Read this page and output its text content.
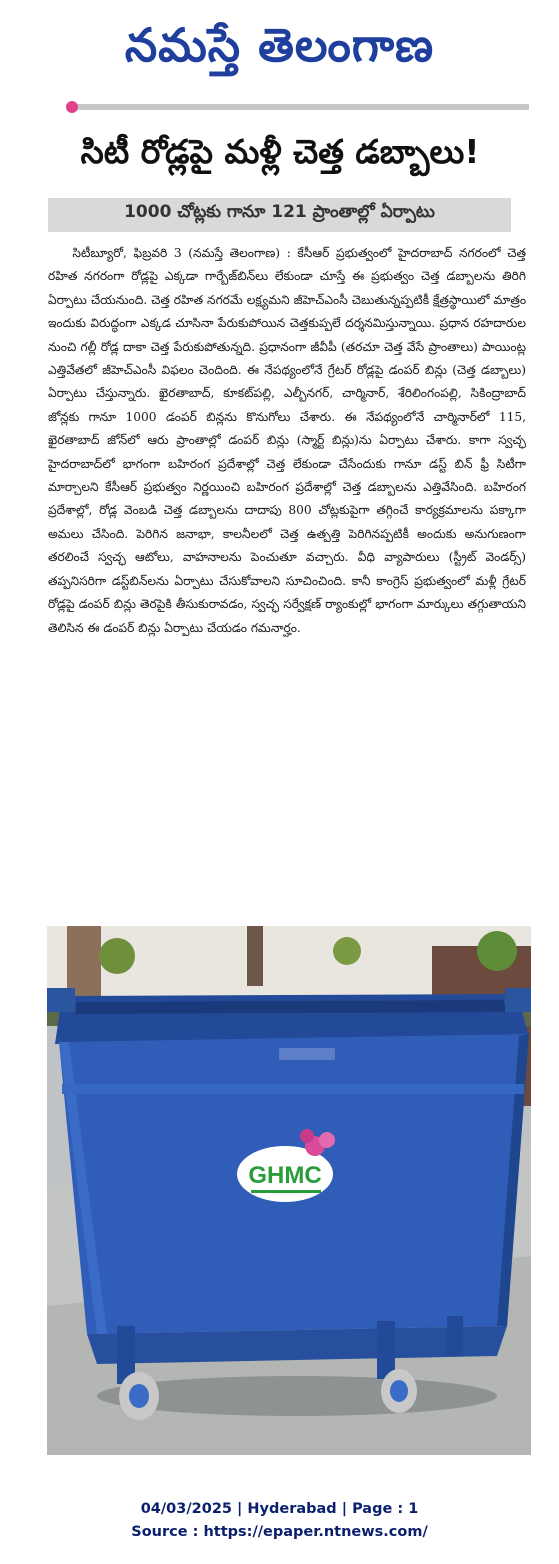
నమస్తే తెలంగాణ
సిటీ రోడ్లపై మళ్లీ చెత్త డబ్బాలు!
1000 చోట్లకు గానూ 121 ప్రాంతాల్లో ఏర్పాటు

సిటీబ్యూరో, ఫిబ్రవరి 3 (నమస్తే తెలంగాణ) : కేసీఆర్ ప్రభుత్వంలో హైదరాబాద్ నగరంలో చెత్త రహిత నగరంగా రోడ్లపై ఎక్కడా గార్బేజ్‌బిన్‌లు లేకుండా చూస్తే ఈ ప్రభుత్వం చెత్త డబ్బాలను తిరిగి ఏర్పాటు చేయనుంది. చెత్త రహిత నగరమే లక్ష్యమని జీహెచ్ఎంసీ చెబుతున్నప్పటికీ క్షేత్రస్థాయిలో మాత్రం ఇందుకు విరుద్ధంగా ఎక్కడ చూసినా పేరుకుపోయిన చెత్తకుప్పలే దర్శనమిస్తున్నాయి. ప్రధాన రహదారుల నుంచి గల్లీ రోడ్ల దాకా చెత్త పేరుకుపోతున్నది. ప్రధానంగా జీవీపీ (తరచూ చెత్త వేసే ప్రాంతాలు) పాయింట్ల ఎత్తివేతలో జీహెచ్ఎంసీ విఫలం చెందింది. ఈ నేపథ్యంలోనే గ్రేటర్ రోడ్లపై డంపర్ బిన్లు (చెత్త డబ్బాలు) ఏర్పాటు చేస్తున్నారు. ఖైరతాబాద్, కూకట్‌పల్లి, ఎల్బీనగర్, చార్మినార్, శేరిలింగంపల్లి, సికింద్రాబాద్ జోన్లకు గానూ 1000 డంపర్ బిన్లను కొనుగోలు చేశారు. ఈ నేపథ్యంలోనే చార్మినార్‌లో 115, ఖైరతాబాద్ జోన్‌లో ఆరు ప్రాంతాల్లో డంపర్ బిన్లు (స్మార్ట్ బిన్లు)ను ఏర్పాటు చేశారు. కాగా స్వచ్ఛ హైదరాబాద్‌లో భాగంగా బహిరంగ ప్రదేశాల్లో చెత్త లేకుండా చేసేందుకు గానూ డస్ట్ బిన్ ఫ్రీ సిటీగా మార్చాలని కేసీఆర్ ప్రభుత్వం నిర్ణయించి బహిరంగ ప్రదేశాల్లో చెత్త డబ్బాలను ఎత్తివేసింది. బహిరంగ ప్రదేశాల్లో, రోడ్ల వెంబడి చెత్త డబ్బాలను దాదాపు 800 చోట్లకుపైగా తగ్గించే కార్యక్రమాలను పక్కాగా అమలు చేసింది. పెరిగిన జనాభా, కాలనీలలో చెత్త ఉత్పత్తి పెరిగినప్పటికీ అందుకు అనుగుణంగా తరలించే స్వచ్ఛ ఆటోలు, వాహనాలను పెంచుతూ వచ్చారు. వీధి వ్యాపారులు (స్ట్రీట్ వెండర్స్) తప్పనిసరిగా డస్ట్‌బిన్‌లను ఏర్పాటు చేసుకోవాలని సూచించింది. కానీ కాంగ్రెస్ ప్రభుత్వంలో మళ్లీ గ్రేటర్ రోడ్లపై డంపర్ బిన్లు తెరపైకి తీసుకురావడం, స్వచ్ఛ సర్వేక్షణ్ ర్యాంకుల్లో భాగంగా మార్కులు తగ్గుతాయని తెలిసిన ఈ డంపర్ బిన్లు ఏర్పాటు చేయడం గమనార్హం.

GHMC
04/03/2025 | Hyderabad | Page : 1
Source : https://epaper.ntnews.com/
